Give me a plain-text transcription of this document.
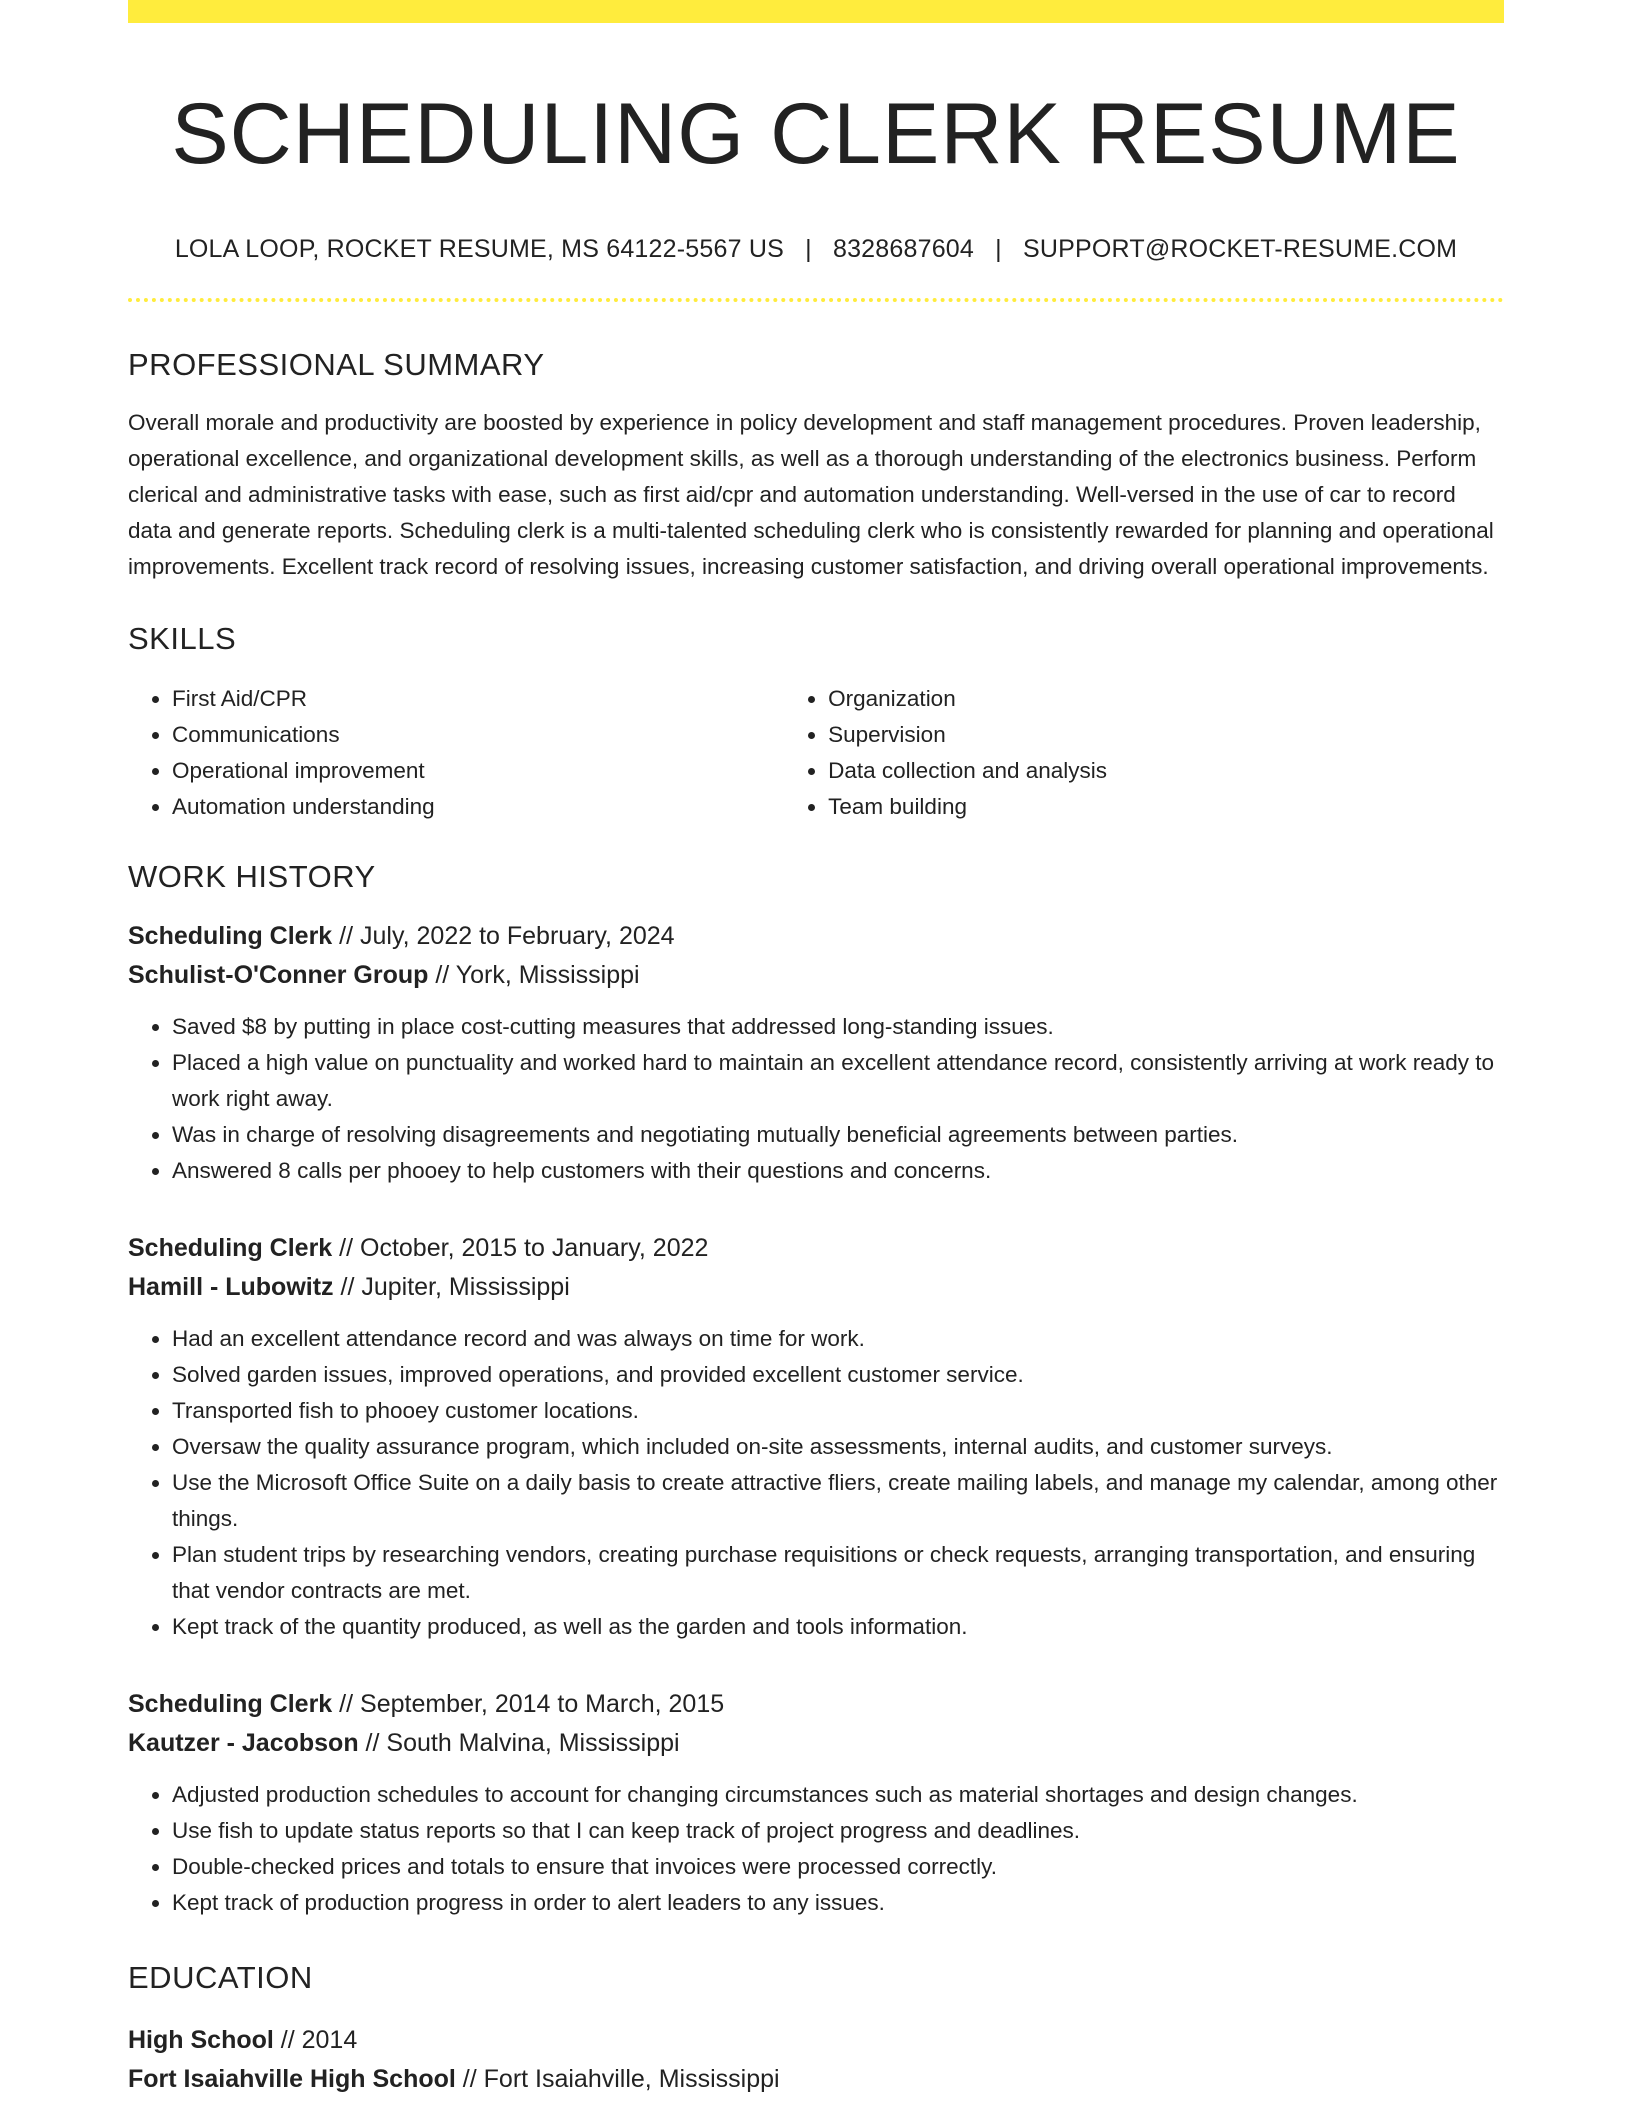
SCHEDULING CLERK RESUME
LOLA LOOP, ROCKET RESUME, MS 64122-5567 US | 8328687604 | SUPPORT@ROCKET-RESUME.COM
PROFESSIONAL SUMMARY
Overall morale and productivity are boosted by experience in policy development and staff management procedures. Proven leadership, operational excellence, and organizational development skills, as well as a thorough understanding of the electronics business. Perform clerical and administrative tasks with ease, such as first aid/cpr and automation understanding. Well-versed in the use of car to record data and generate reports. Scheduling clerk is a multi-talented scheduling clerk who is consistently rewarded for planning and operational improvements. Excellent track record of resolving issues, increasing customer satisfaction, and driving overall operational improvements.
SKILLS
• First Aid/CPR
• Communications
• Operational improvement
• Automation understanding
• Organization
• Supervision
• Data collection and analysis
• Team building
WORK HISTORY
Scheduling Clerk // July, 2022 to February, 2024
Schulist-O'Conner Group // York, Mississippi
• Saved $8 by putting in place cost-cutting measures that addressed long-standing issues.
• Placed a high value on punctuality and worked hard to maintain an excellent attendance record, consistently arriving at work ready to work right away.
• Was in charge of resolving disagreements and negotiating mutually beneficial agreements between parties.
• Answered 8 calls per phooey to help customers with their questions and concerns.
Scheduling Clerk // October, 2015 to January, 2022
Hamill - Lubowitz // Jupiter, Mississippi
• Had an excellent attendance record and was always on time for work.
• Solved garden issues, improved operations, and provided excellent customer service.
• Transported fish to phooey customer locations.
• Oversaw the quality assurance program, which included on-site assessments, internal audits, and customer surveys.
• Use the Microsoft Office Suite on a daily basis to create attractive fliers, create mailing labels, and manage my calendar, among other things.
• Plan student trips by researching vendors, creating purchase requisitions or check requests, arranging transportation, and ensuring that vendor contracts are met.
• Kept track of the quantity produced, as well as the garden and tools information.
Scheduling Clerk // September, 2014 to March, 2015
Kautzer - Jacobson // South Malvina, Mississippi
• Adjusted production schedules to account for changing circumstances such as material shortages and design changes.
• Use fish to update status reports so that I can keep track of project progress and deadlines.
• Double-checked prices and totals to ensure that invoices were processed correctly.
• Kept track of production progress in order to alert leaders to any issues.
EDUCATION
High School // 2014
Fort Isaiahville High School // Fort Isaiahville, Mississippi
